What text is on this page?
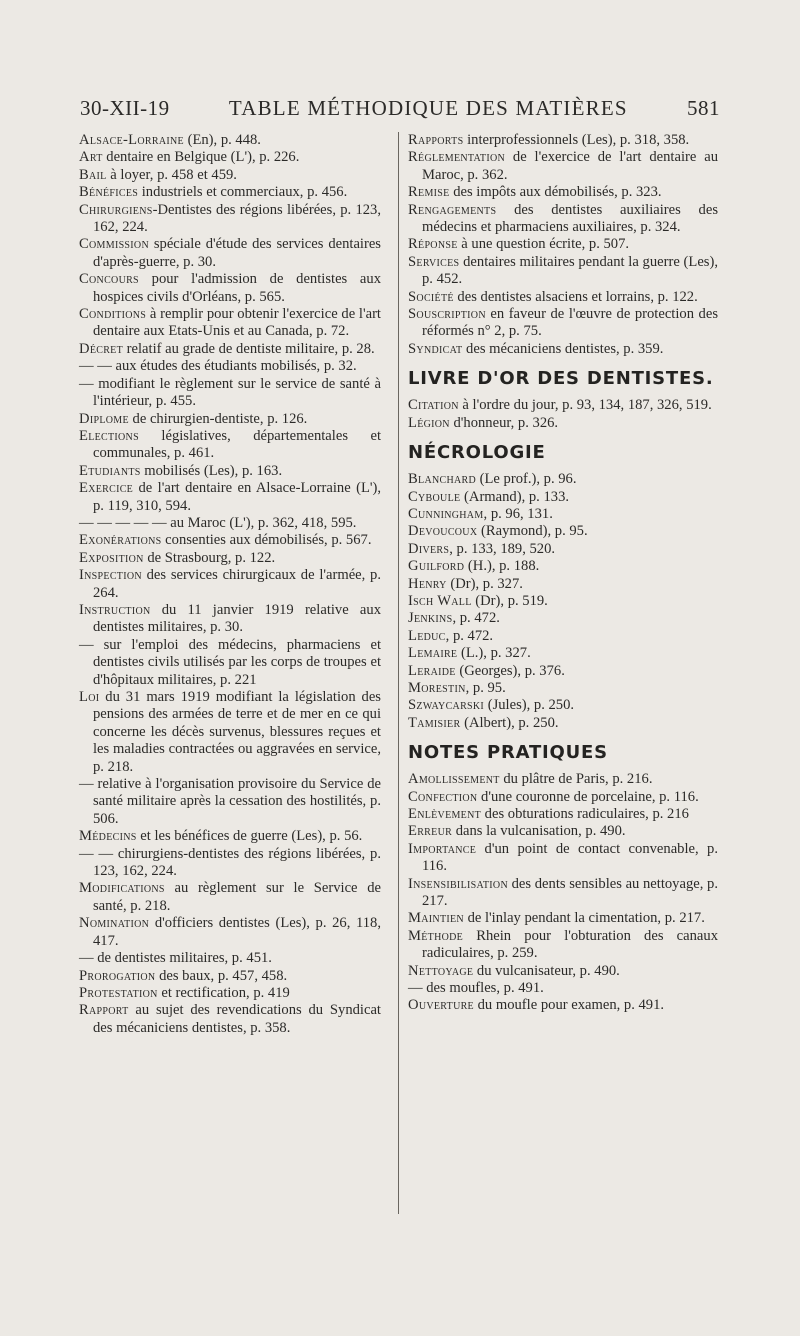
30-XII-19	TABLE MÉTHODIQUE DES MATIÈRES	581

Alsace-Lorraine (En), p. 448.

Art dentaire en Belgique (L'), p. 226.

Bail à loyer, p. 458 et 459.

Bénéfices industriels et commerciaux, p. 456.

Chirurgiens-Dentistes des régions libérées, p. 123, 162, 224.

Commission spéciale d'étude des services dentaires d'après-guerre, p. 30.

Concours pour l'admission de dentistes aux hospices civils d'Orléans, p. 565.

Conditions à remplir pour obtenir l'exercice de l'art dentaire aux Etats-Unis et au Canada, p. 72.

Décret relatif au grade de dentiste militaire, p. 28.

— — aux études des étudiants mobilisés, p. 32.

— modifiant le règlement sur le service de santé à l'intérieur, p. 455.

Diplome de chirurgien-dentiste, p. 126.

Elections législatives, départementales et communales, p. 461.

Etudiants mobilisés (Les), p. 163.

Exercice de l'art dentaire en Alsace-Lorraine (L'), p. 119, 310, 594.

— — — — — au Maroc (L'), p. 362, 418, 595.

Exonérations consenties aux démobilisés, p. 567.

Exposition de Strasbourg, p. 122.

Inspection des services chirurgicaux de l'armée, p. 264.

Instruction du 11 janvier 1919 relative aux dentistes militaires, p. 30.

— sur l'emploi des médecins, pharmaciens et dentistes civils utilisés par les corps de troupes et d'hôpitaux militaires, p. 221

Loi du 31 mars 1919 modifiant la législation des pensions des armées de terre et de mer en ce qui concerne les décès survenus, blessures reçues et les maladies contractées ou aggravées en service, p. 218.

— relative à l'organisation provisoire du Service de santé militaire après la cessation des hostilités, p. 506.

Médecins et les bénéfices de guerre (Les), p. 56.

— — chirurgiens-dentistes des régions libérées, p. 123, 162, 224.

Modifications au règlement sur le Service de santé, p. 218.

Nomination d'officiers dentistes (Les), p. 26, 118, 417.

— de dentistes militaires, p. 451.

Prorogation des baux, p. 457, 458.

Protestation et rectification, p. 419

Rapport au sujet des revendications du Syndicat des mécaniciens dentistes, p. 358.

Rapports interprofessionnels (Les), p. 318, 358.

Réglementation de l'exercice de l'art dentaire au Maroc, p. 362.

Remise des impôts aux démobilisés, p. 323.

Rengagements des dentistes auxiliaires des médecins et pharmaciens auxiliaires, p. 324.

Réponse à une question écrite, p. 507.

Services dentaires militaires pendant la guerre (Les), p. 452.

Société des dentistes alsaciens et lorrains, p. 122.

Souscription en faveur de l'œuvre de protection des réformés n° 2, p. 75.

Syndicat des mécaniciens dentistes, p. 359.

LIVRE D'OR DES DENTISTES.

Citation à l'ordre du jour, p. 93, 134, 187, 326, 519.

Légion d'honneur, p. 326.

NÉCROLOGIE

Blanchard (Le prof.), p. 96.

Cyboule (Armand), p. 133.

Cunningham, p. 96, 131.

Devoucoux (Raymond), p. 95.

Divers, p. 133, 189, 520.

Guilford (H.), p. 188.

Henry (Dr), p. 327.

Isch Wall (Dr), p. 519.

Jenkins, p. 472.

Leduc, p. 472.

Lemaire (L.), p. 327.

Leraide (Georges), p. 376.

Morestin, p. 95.

Szwaycarski (Jules), p. 250.

Tamisier (Albert), p. 250.

NOTES PRATIQUES

Amollissement du plâtre de Paris, p. 216.

Confection d'une couronne de porcelaine, p. 116.

Enlèvement des obturations radiculaires, p. 216

Erreur dans la vulcanisation, p. 490.

Importance d'un point de contact convenable, p. 116.

Insensibilisation des dents sensibles au nettoyage, p. 217.

Maintien de l'inlay pendant la cimentation, p. 217.

Méthode Rhein pour l'obturation des canaux radiculaires, p. 259.

Nettoyage du vulcanisateur, p. 490.

— des moufles, p. 491.

Ouverture du moufle pour examen, p. 491.
